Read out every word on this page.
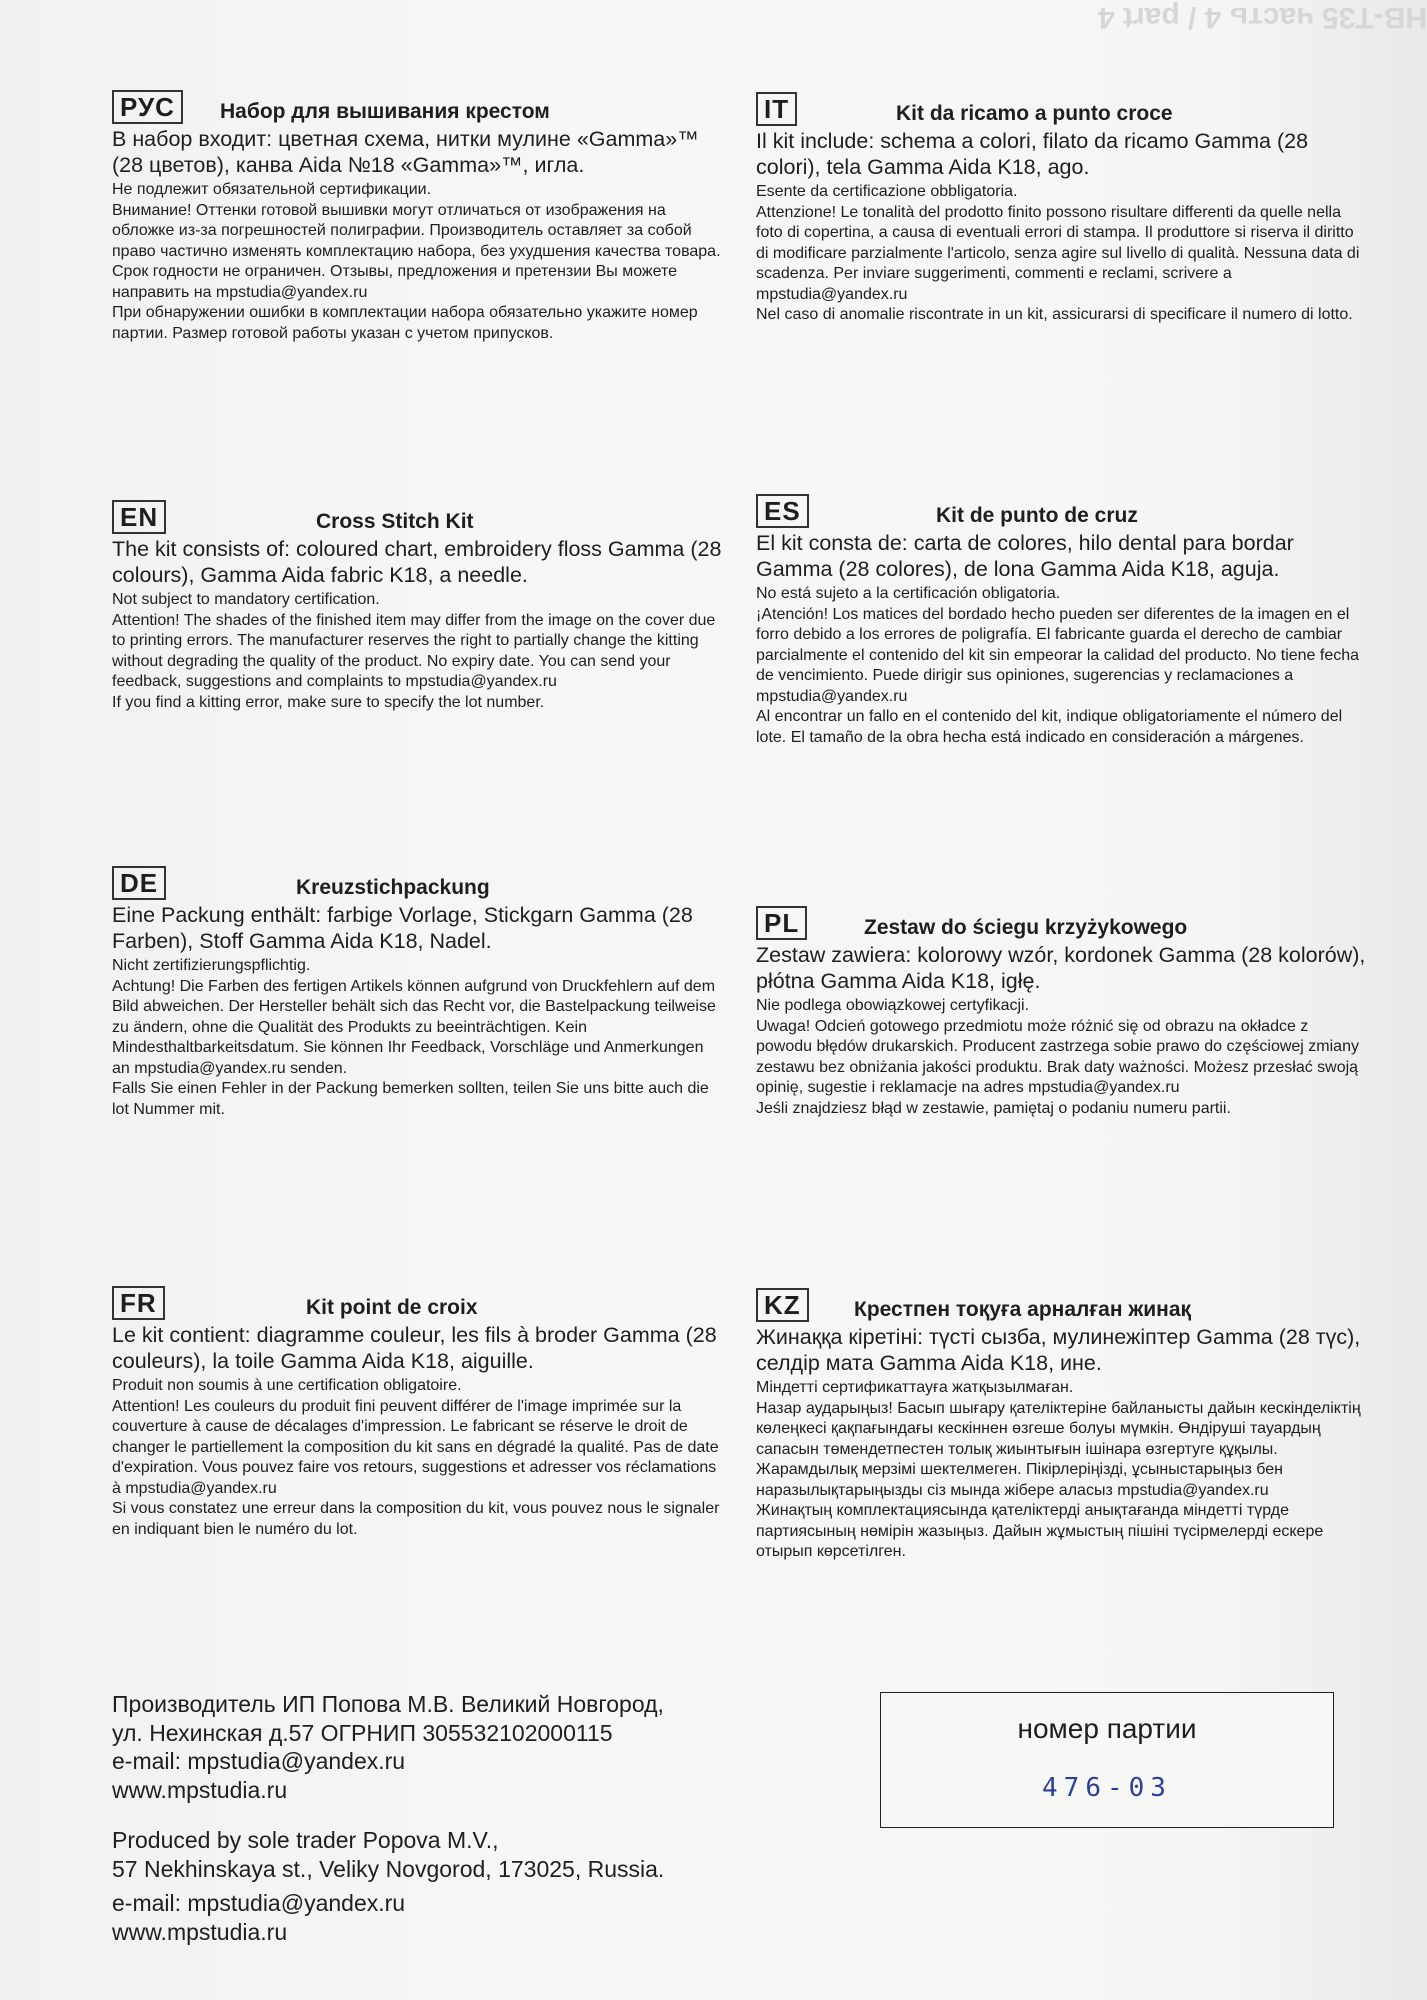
HB-T35 часть 4 / part 4
РУС	Набор для вышивания крестом

В набор входит: цветная схема, нитки мулине «Gamma»™ (28 цветов), канва Aida №18 «Gamma»™, игла.

Не подлежит обязательной сертификации.

Внимание! Оттенки готовой вышивки могут отличаться от изображения на обложке из-за погрешностей полиграфии. Производитель оставляет за собой право частично изменять комплектацию набора, без ухудшения качества товара. Срок годности не ограничен. Отзывы, предложения и претензии Вы можете направить на mpstudia@yandex.ru

При обнаружении ошибки в комплектации набора обязательно укажите номер партии. Размер готовой работы указан с учетом припусков.

IT	Kit da ricamo a punto croce

Il kit include: schema a colori, filato da ricamo Gamma (28 colori), tela Gamma Aida K18, ago.

Esente da certificazione obbligatoria.

Attenzione! Le tonalità del prodotto finito possono risultare differenti da quelle nella foto di copertina, a causa di eventuali errori di stampa. Il produttore si riserva il diritto di modificare parzialmente l'articolo, senza agire sul livello di qualità. Nessuna data di scadenza. Per inviare suggerimenti, commenti e reclami, scrivere a mpstudia@yandex.ru

Nel caso di anomalie riscontrate in un kit, assicurarsi di specificare il numero di lotto.

EN	Cross Stitch Kit

The kit consists of: coloured chart, embroidery floss Gamma (28 colours), Gamma Aida fabric K18, a needle.

Not subject to mandatory certification.

Attention! The shades of the finished item may differ from the image on the cover due to printing errors. The manufacturer reserves the right to partially change the kitting without degrading the quality of the product. No expiry date. You can send your feedback, suggestions and complaints to mpstudia@yandex.ru

If you find a kitting error, make sure to specify the lot number.

ES	Kit de punto de cruz

El kit consta de: carta de colores, hilo dental para bordar Gamma (28 colores), de lona Gamma Aida K18, aguja.

No está sujeto a la certificación obligatoria.

¡Atención! Los matices del bordado hecho pueden ser diferentes de la imagen en el forro debido a los errores de poligrafía. El fabricante guarda el derecho de cambiar parcialmente el contenido del kit sin empeorar la calidad del producto. No tiene fecha de vencimiento. Puede dirigir sus opiniones, sugerencias y reclamaciones a mpstudia@yandex.ru

Al encontrar un fallo en el contenido del kit, indique obligatoriamente el número del lote. El tamaño de la obra hecha está indicado en consideración a márgenes.

DE	Kreuzstichpackung

Eine Packung enthält: farbige Vorlage, Stickgarn Gamma (28 Farben), Stoff Gamma Aida K18, Nadel.

Nicht zertifizierungspflichtig.

Achtung! Die Farben des fertigen Artikels können aufgrund von Druckfehlern auf dem Bild abweichen. Der Hersteller behält sich das Recht vor, die Bastelpackung teilweise zu ändern, ohne die Qualität des Produkts zu beeinträchtigen. Kein Mindesthaltbarkeitsdatum. Sie können Ihr Feedback, Vorschläge und Anmerkungen an mpstudia@yandex.ru senden.

Falls Sie einen Fehler in der Packung bemerken sollten, teilen Sie uns bitte auch die lot Nummer mit.

PL	Zestaw do ściegu krzyżykowego

Zestaw zawiera: kolorowy wzór, kordonek Gamma (28 kolorów), płótna Gamma Aida K18, igłę.

Nie podlega obowiązkowej certyfikacji.

Uwaga! Odcień gotowego przedmiotu może różnić się od obrazu na okładce z powodu błędów drukarskich. Producent zastrzega sobie prawo do częściowej zmiany zestawu bez obniżania jakości produktu. Brak daty ważności. Możesz przesłać swoją opinię, sugestie i reklamacje na adres mpstudia@yandex.ru

Jeśli znajdziesz błąd w zestawie, pamiętaj o podaniu numeru partii.

FR	Kit point de croix

Le kit contient: diagramme couleur, les fils à broder Gamma (28 couleurs), la toile Gamma Aida K18, aiguille.

Produit non soumis à une certification obligatoire.

Attention! Les couleurs du produit fini peuvent différer de l'image imprimée sur la couverture à cause de décalages d'impression. Le fabricant se réserve le droit de changer le partiellement la composition du kit sans en dégradé la qualité. Pas de date d'expiration. Vous pouvez faire vos retours, suggestions et adresser vos réclamations à mpstudia@yandex.ru

Si vous constatez une erreur dans la composition du kit, vous pouvez nous le signaler en indiquant bien le numéro du lot.

KZ	Крестпен тоқуға арналған жинақ

Жинаққа кіретіні: түсті сызба, мулинежіптер Gamma (28 түс), селдір мата Gamma Aida K18, ине.

Міндетті сертификаттауға жатқызылмаған.

Назар аударыңыз! Басып шығару қателіктеріне байланысты дайын кескінделіктің көлеңкесі қақпағындағы кескіннен өзгеше болуы мүмкін. Өндіруші тауардың сапасын төмендетпестен толық жиынтығын ішінара өзгертуге құқылы. Жарамдылық мерзімі шектелмеген. Пікірлеріңізді, ұсыныстарыңыз бен наразылықтарыңызды сіз мында жібере аласыз mpstudia@yandex.ru

Жинақтың комплектациясында қателіктерді анықтағанда міндетті түрде партиясының нөмірін жазыңыз. Дайын жұмыстың пішіні түсірмелерді ескере отырып көрсетілген.

Производитель ИП Попова М.В. Великий Новгород,

ул. Нехинская д.57 ОГРНИП 305532102000115

e-mail: mpstudia@yandex.ru

www.mpstudia.ru

Produced by sole trader Popova M.V.,

57 Nekhinskaya st., Veliky Novgorod, 173025, Russia.

e-mail: mpstudia@yandex.ru

www.mpstudia.ru

номер партии
476-03
